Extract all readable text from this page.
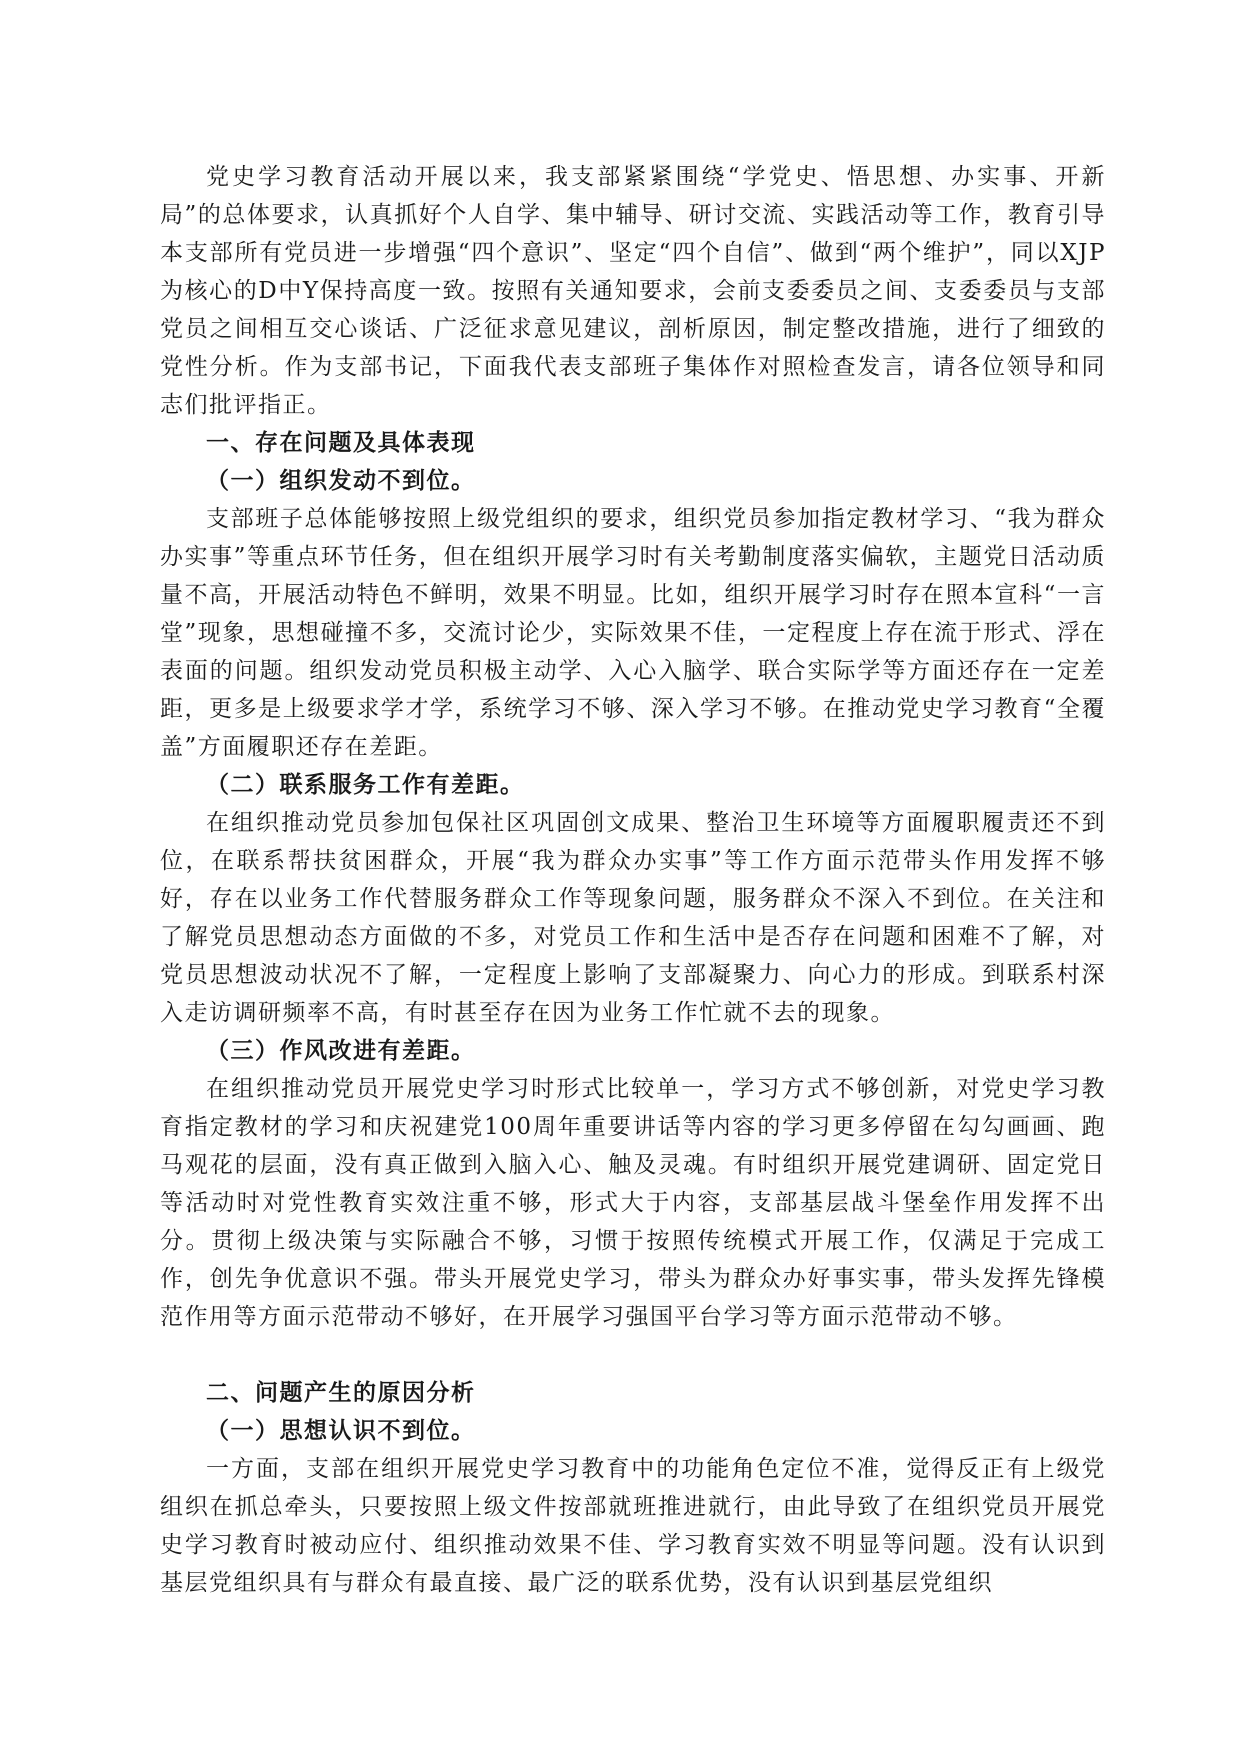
党史学习教育活动开展以来，我支部紧紧围绕“学党史、悟思想、办实事、开新局”的总体要求，认真抓好个人自学、集中辅导、研讨交流、实践活动等工作，教育引导本支部所有党员进一步增强“四个意识”、坚定“四个自信”、做到“两个维护”，同以XJP为核心的D中Y保持高度一致。按照有关通知要求，会前支委委员之间、支委委员与支部党员之间相互交心谈话、广泛征求意见建议，剖析原因，制定整改措施，进行了细致的党性分析。作为支部书记，下面我代表支部班子集体作对照检查发言，请各位领导和同志们批评指正。

一、存在问题及具体表现

（一）组织发动不到位。

支部班子总体能够按照上级党组织的要求，组织党员参加指定教材学习、“我为群众办实事”等重点环节任务，但在组织开展学习时有关考勤制度落实偏软，主题党日活动质量不高，开展活动特色不鲜明，效果不明显。比如，组织开展学习时存在照本宣科“一言堂”现象，思想碰撞不多，交流讨论少，实际效果不佳，一定程度上存在流于形式、浮在表面的问题。组织发动党员积极主动学、入心入脑学、联合实际学等方面还存在一定差距，更多是上级要求学才学，系统学习不够、深入学习不够。在推动党史学习教育“全覆盖”方面履职还存在差距。

（二）联系服务工作有差距。

在组织推动党员参加包保社区巩固创文成果、整治卫生环境等方面履职履责还不到位，在联系帮扶贫困群众，开展“我为群众办实事”等工作方面示范带头作用发挥不够好，存在以业务工作代替服务群众工作等现象问题，服务群众不深入不到位。在关注和了解党员思想动态方面做的不多，对党员工作和生活中是否存在问题和困难不了解，对党员思想波动状况不了解，一定程度上影响了支部凝聚力、向心力的形成。到联系村深入走访调研频率不高，有时甚至存在因为业务工作忙就不去的现象。

（三）作风改进有差距。

在组织推动党员开展党史学习时形式比较单一，学习方式不够创新，对党史学习教育指定教材的学习和庆祝建党100周年重要讲话等内容的学习更多停留在勾勾画画、跑马观花的层面，没有真正做到入脑入心、触及灵魂。有时组织开展党建调研、固定党日等活动时对党性教育实效注重不够，形式大于内容，支部基层战斗堡垒作用发挥不出分。贯彻上级决策与实际融合不够，习惯于按照传统模式开展工作，仅满足于完成工作，创先争优意识不强。带头开展党史学习，带头为群众办好事实事，带头发挥先锋模范作用等方面示范带动不够好，在开展学习强国平台学习等方面示范带动不够。

二、问题产生的原因分析

（一）思想认识不到位。

一方面，支部在组织开展党史学习教育中的功能角色定位不准，觉得反正有上级党组织在抓总牵头，只要按照上级文件按部就班推进就行，由此导致了在组织党员开展党史学习教育时被动应付、组织推动效果不佳、学习教育实效不明显等问题。没有认识到基层党组织具有与群众有最直接、最广泛的联系优势，没有认识到基层党组织
